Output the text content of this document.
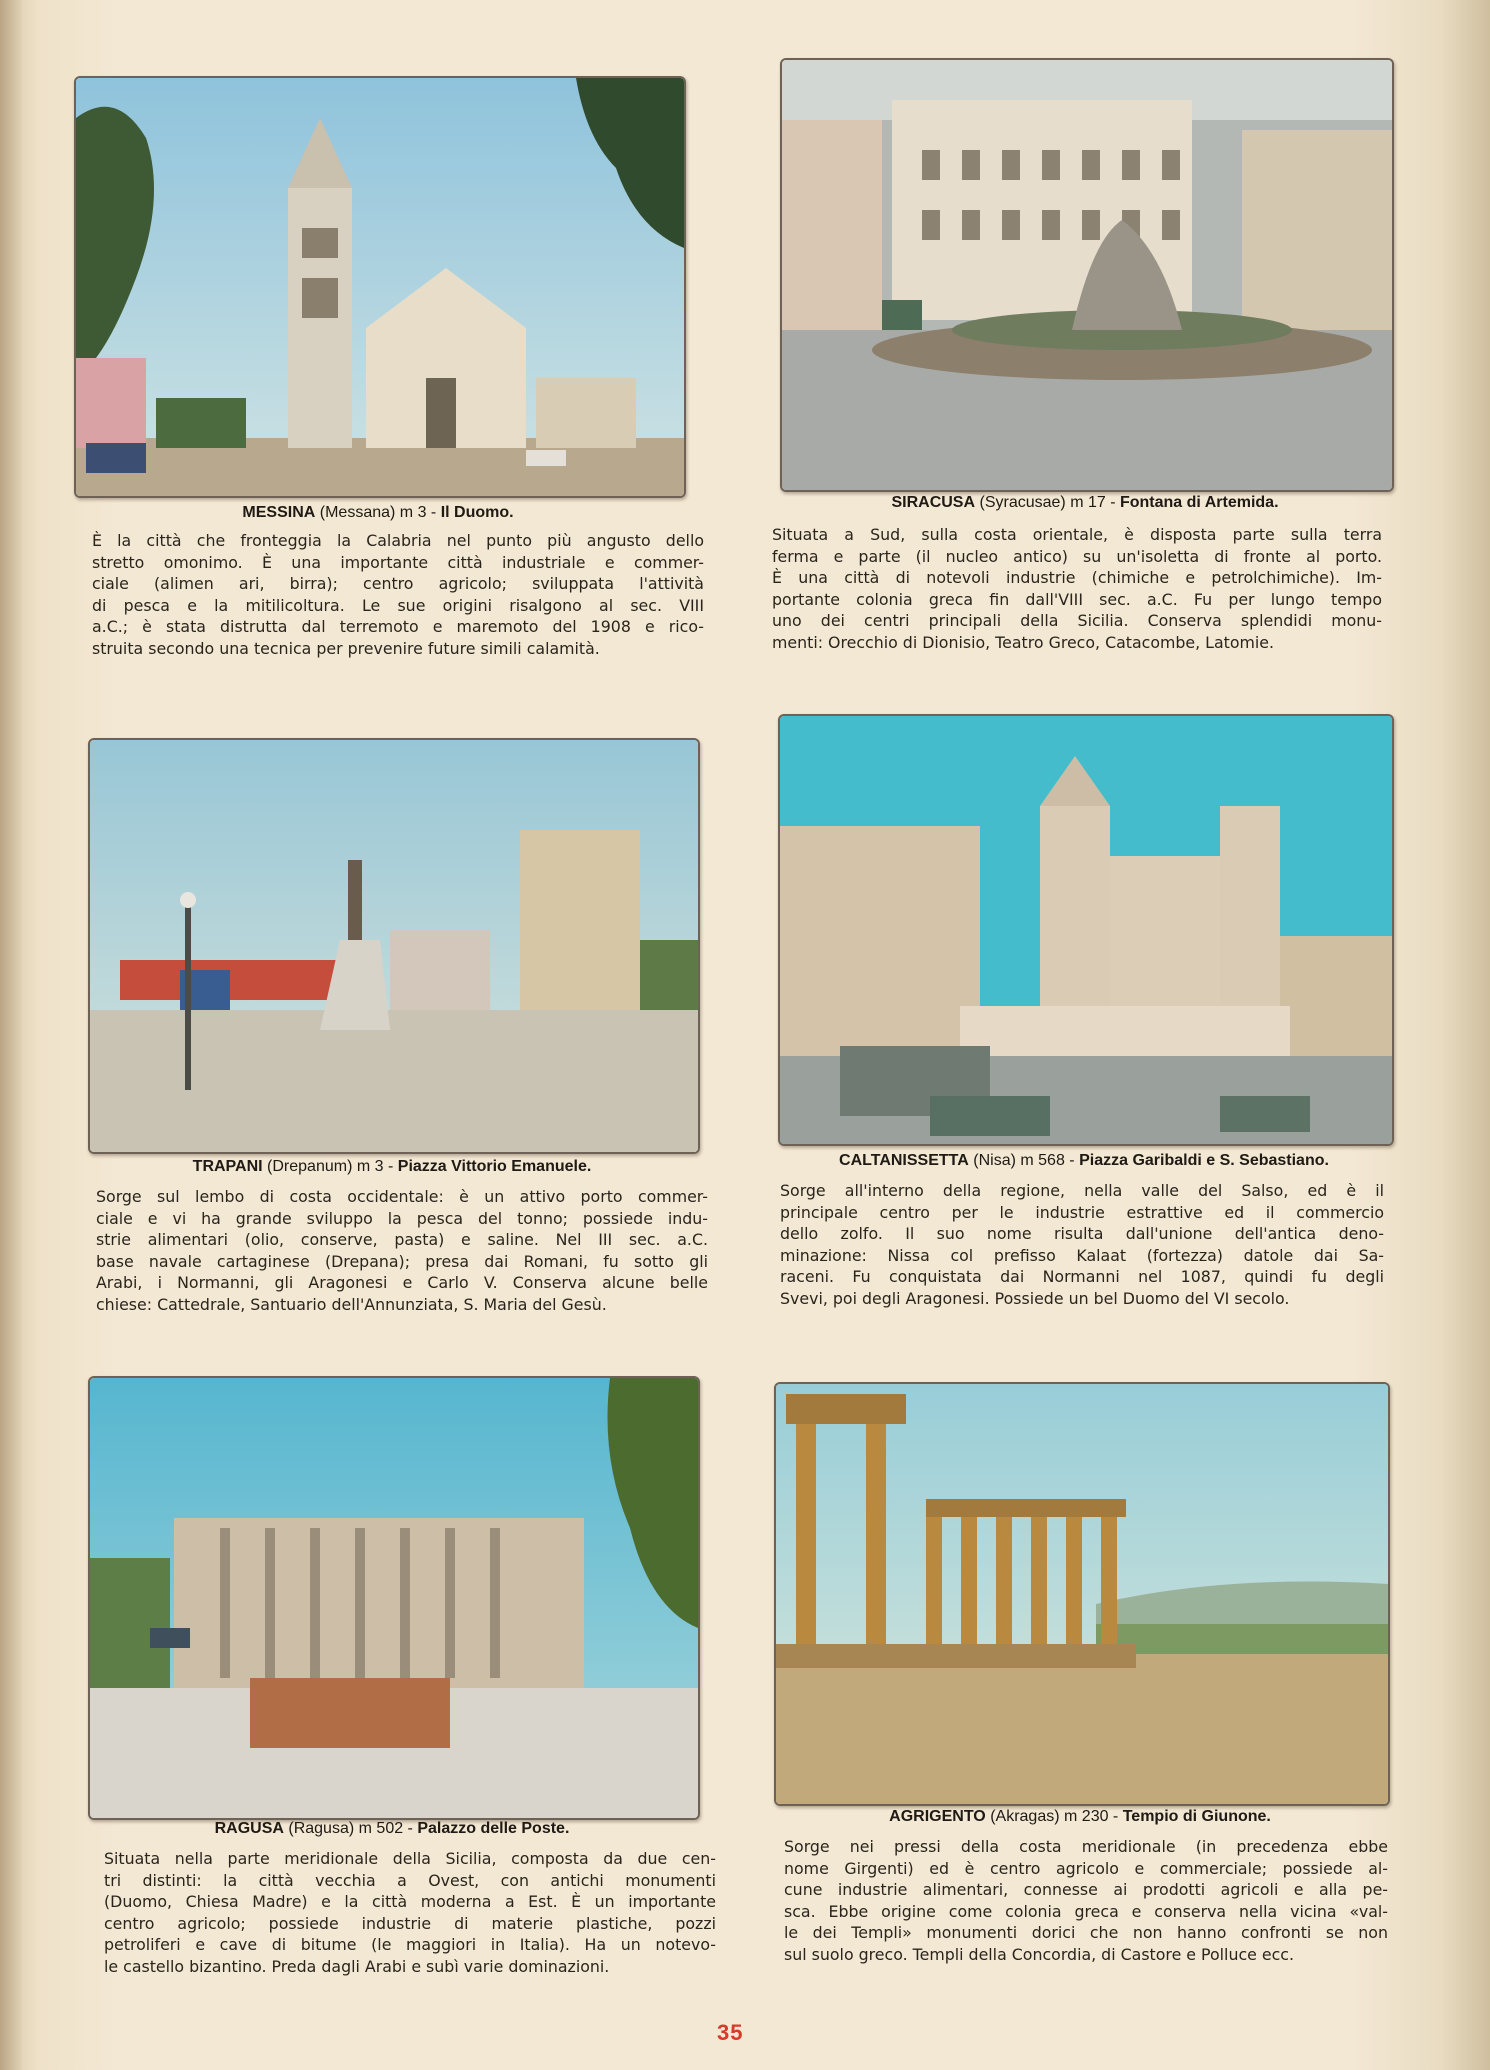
MESSINA (Messana) m 3 - Il Duomo.
È la città che fronteggia la Calabria nel punto più angusto dello
stretto omonimo. È una importante città industriale e commer-
ciale (alimen ari, birra); centro agricolo; sviluppata l'attività
di pesca e la mitilicoltura. Le sue origini risalgono al sec. VIII
a.C.; è stata distrutta dal terremoto e maremoto del 1908 e rico-
struita secondo una tecnica per prevenire future simili calamità.
SIRACUSA (Syracusae) m 17 - Fontana di Artemida.
Situata a Sud, sulla costa orientale, è disposta parte sulla terra
ferma e parte (il nucleo antico) su un'isoletta di fronte al porto.
È una città di notevoli industrie (chimiche e petrolchimiche). Im-
portante colonia greca fin dall'VIII sec. a.C. Fu per lungo tempo
uno dei centri principali della Sicilia. Conserva splendidi monu-
menti: Orecchio di Dionisio, Teatro Greco, Catacombe, Latomie.
TRAPANI (Drepanum) m 3 - Piazza Vittorio Emanuele.
Sorge sul lembo di costa occidentale: è un attivo porto commer-
ciale e vi ha grande sviluppo la pesca del tonno; possiede indu-
strie alimentari (olio, conserve, pasta) e saline. Nel III sec. a.C.
base navale cartaginese (Drepana); presa dai Romani, fu sotto gli
Arabi, i Normanni, gli Aragonesi e Carlo V. Conserva alcune belle
chiese: Cattedrale, Santuario dell'Annunziata, S. Maria del Gesù.
CALTANISSETTA (Nisa) m 568 - Piazza Garibaldi e S. Sebastiano.
Sorge all'interno della regione, nella valle del Salso, ed è il
principale centro per le industrie estrattive ed il commercio
dello zolfo. Il suo nome risulta dall'unione dell'antica deno-
minazione: Nissa col prefisso Kalaat (fortezza) datole dai Sa-
raceni. Fu conquistata dai Normanni nel 1087, quindi fu degli
Svevi, poi degli Aragonesi. Possiede un bel Duomo del VI secolo.
RAGUSA (Ragusa) m 502 - Palazzo delle Poste.
Situata nella parte meridionale della Sicilia, composta da due cen-
tri distinti: la città vecchia a Ovest, con antichi monumenti
(Duomo, Chiesa Madre) e la città moderna a Est. È un importante
centro agricolo; possiede industrie di materie plastiche, pozzi
petroliferi e cave di bitume (le maggiori in Italia). Ha un notevo-
le castello bizantino. Preda dagli Arabi e subì varie dominazioni.
AGRIGENTO (Akragas) m 230 - Tempio di Giunone.
Sorge nei pressi della costa meridionale (in precedenza ebbe
nome Girgenti) ed è centro agricolo e commerciale; possiede al-
cune industrie alimentari, connesse ai prodotti agricoli e alla pe-
sca. Ebbe origine come colonia greca e conserva nella vicina «val-
le dei Templi» monumenti dorici che non hanno confronti se non
sul suolo greco. Templi della Concordia, di Castore e Polluce ecc.
35
